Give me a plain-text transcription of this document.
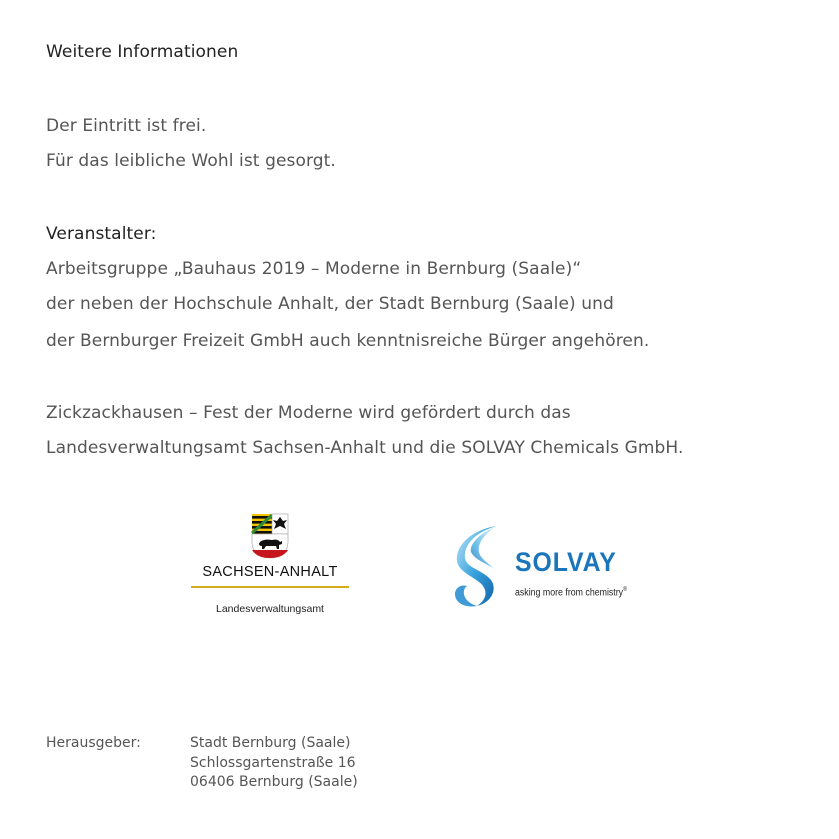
Weitere Informationen
Der Eintritt ist frei.
Für das leibliche Wohl ist gesorgt.
Veranstalter:
Arbeitsgruppe „Bauhaus 2019 – Moderne in Bernburg (Saale)“
der neben der Hochschule Anhalt, der Stadt Bernburg (Saale) und
der Bernburger Freizeit GmbH auch kenntnisreiche Bürger angehören.
Zickzackhausen – Fest der Moderne wird gefördert durch das
Landesverwaltungsamt Sachsen-Anhalt und die SOLVAY Chemicals GmbH.
SACHSEN-ANHALT
Landesverwaltungsamt
SOLVAY
asking more from chemistry®
Herausgeber:	Stadt Bernburg (Saale)
Schlossgartenstraße 16
06406 Bernburg (Saale)
